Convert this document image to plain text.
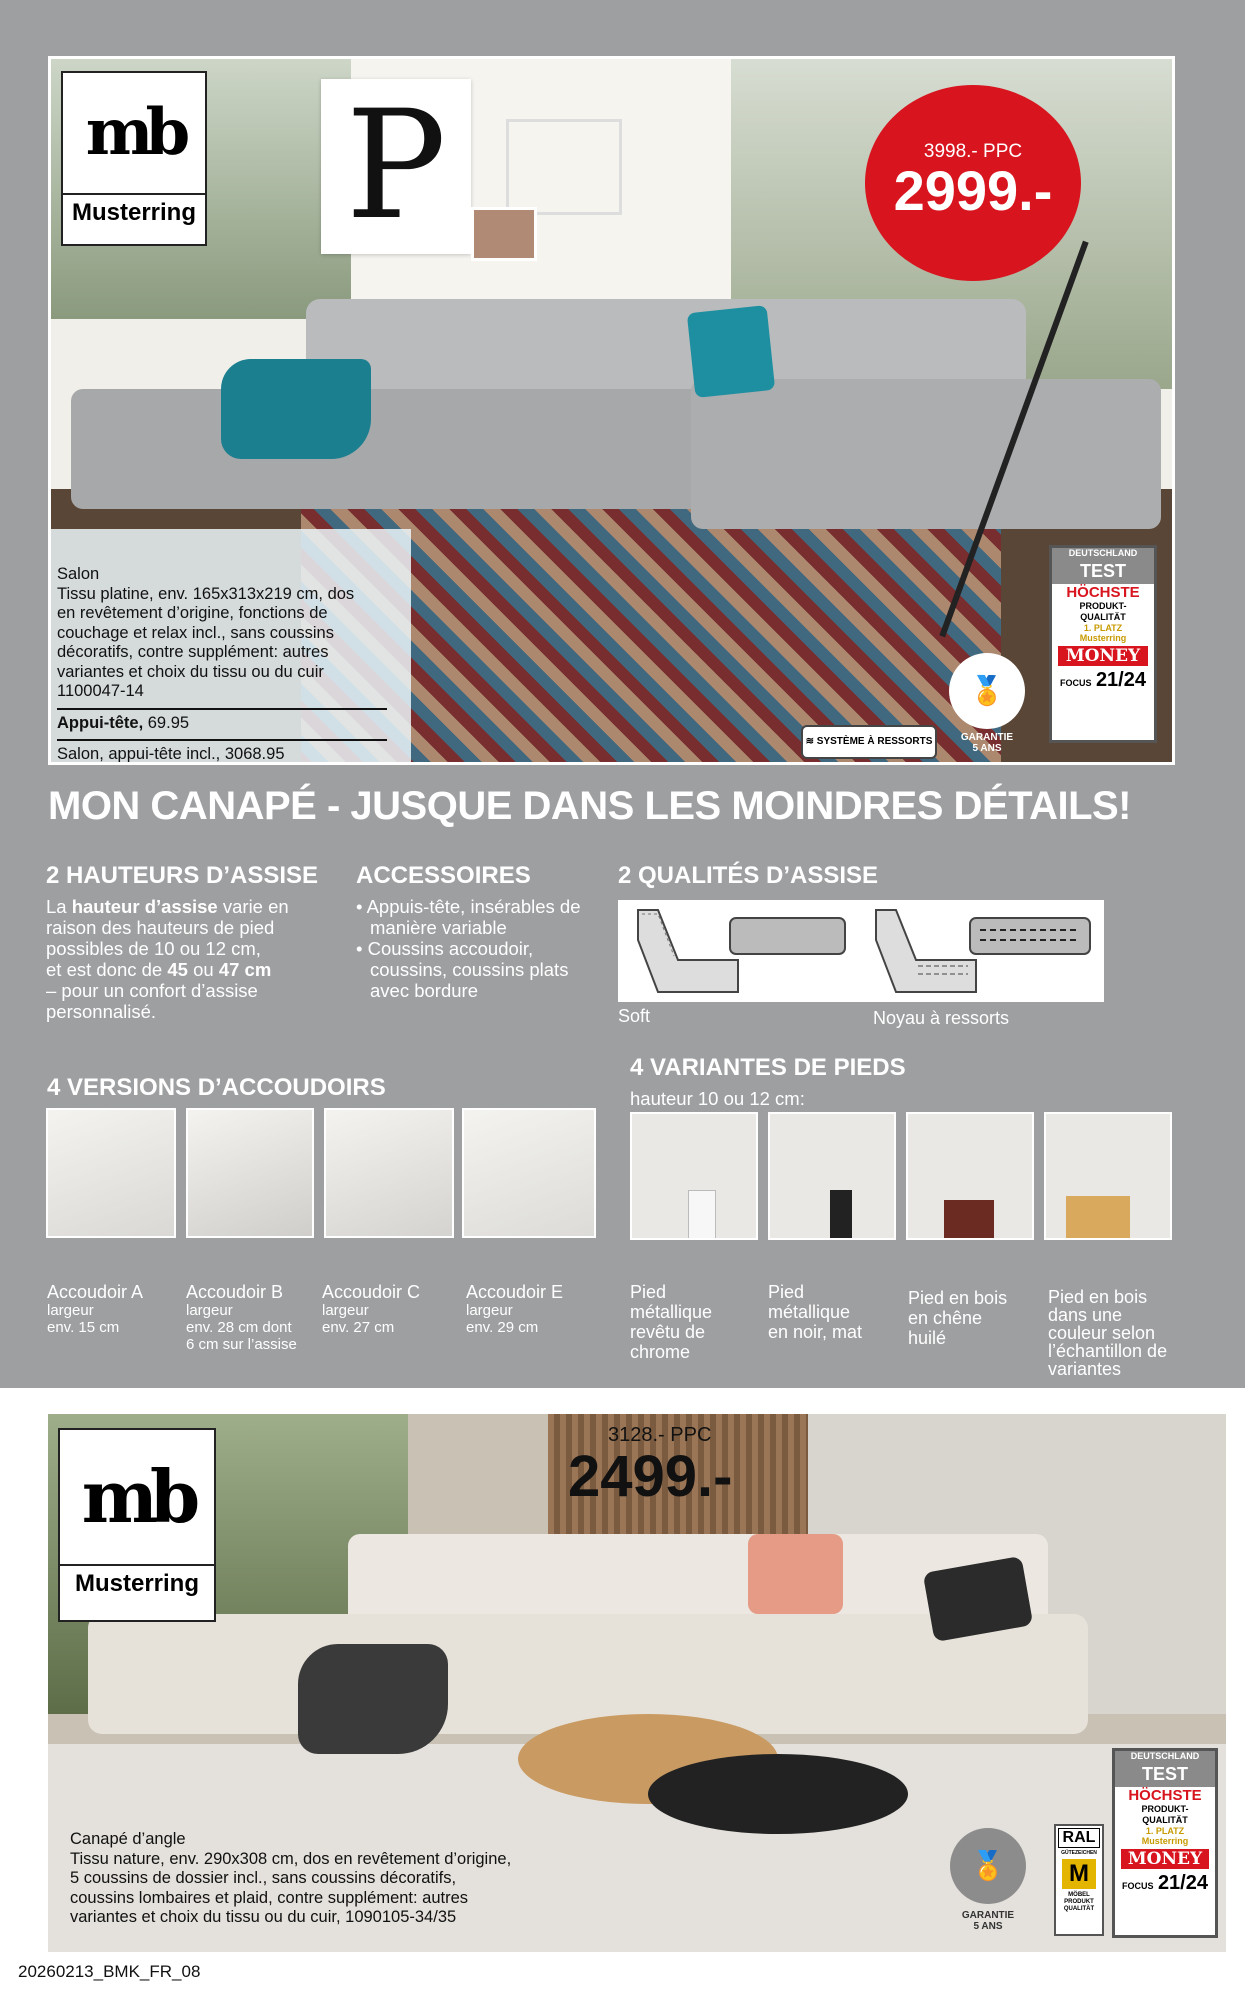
P
mb
Musterring
3998.- PPC
2999.-
Salon
Tissu platine, env. 165x313x219 cm, dos
en revêtement d’origine, fonctions de
couchage et relax incl., sans coussins
décoratifs, contre supplément: autres
variantes et choix du tissu ou du cuir
1100047-14
Appui-tête, 69.95
Salon, appui-tête incl., 3068.95
≋ SYSTÈME À RESSORTS
🏅
GARANTIE
5 ANS
DEUTSCHLAND
TEST
HÖCHSTE
PRODUKT-
QUALITÄT
1. PLATZ
Musterring
MONEY
FOCUS 21/24
MON CANAPÉ - JUSQUE DANS LES MOINDRES DÉTAILS!
2 HAUTEURS D’ASSISE
La hauteur d’assise varie en
raison des hauteurs de pied
possibles de 10 ou 12 cm,
et est donc de 45 ou 47 cm
– pour un confort d’assise
personnalisé.
ACCESSOIRES
• Appuis-tête, insérables de
manière variable
• Coussins accoudoir,
coussins, coussins plats
avec bordure
2 QUALITÉS D’ASSISE
Soft	Noyau à ressorts
4 VERSIONS D’ACCOUDOIRS
Accoudoir A
largeur
env. 15 cm
Accoudoir B
largeur
env. 28 cm dont
6 cm sur l’assise
Accoudoir C
largeur
env. 27 cm
Accoudoir E
largeur
env. 29 cm
4 VARIANTES DE PIEDS
hauteur 10 ou 12 cm:
Pied
métallique
revêtu de
chrome
Pied
métallique
en noir, mat
Pied en bois
en chêne
huilé
Pied en bois
dans une
couleur selon
l’échantillon de
variantes
mb
Musterring
3128.- PPC
2499.-
Canapé d’angle
Tissu nature, env. 290x308 cm, dos en revêtement d’origine,
5 coussins de dossier incl., sans coussins décoratifs,
coussins lombaires et plaid, contre supplément: autres
variantes et choix du tissu ou du cuir, 1090105-34/35
🏅
GARANTIE
5 ANS
RAL
GÜTEZEICHEN
M
MÖBEL
PRODUKT
QUALITÄT
DEUTSCHLAND
TEST
HÖCHSTE
PRODUKT-
QUALITÄT
1. PLATZ
Musterring
MONEY
FOCUS 21/24
20260213_BMK_FR_08
